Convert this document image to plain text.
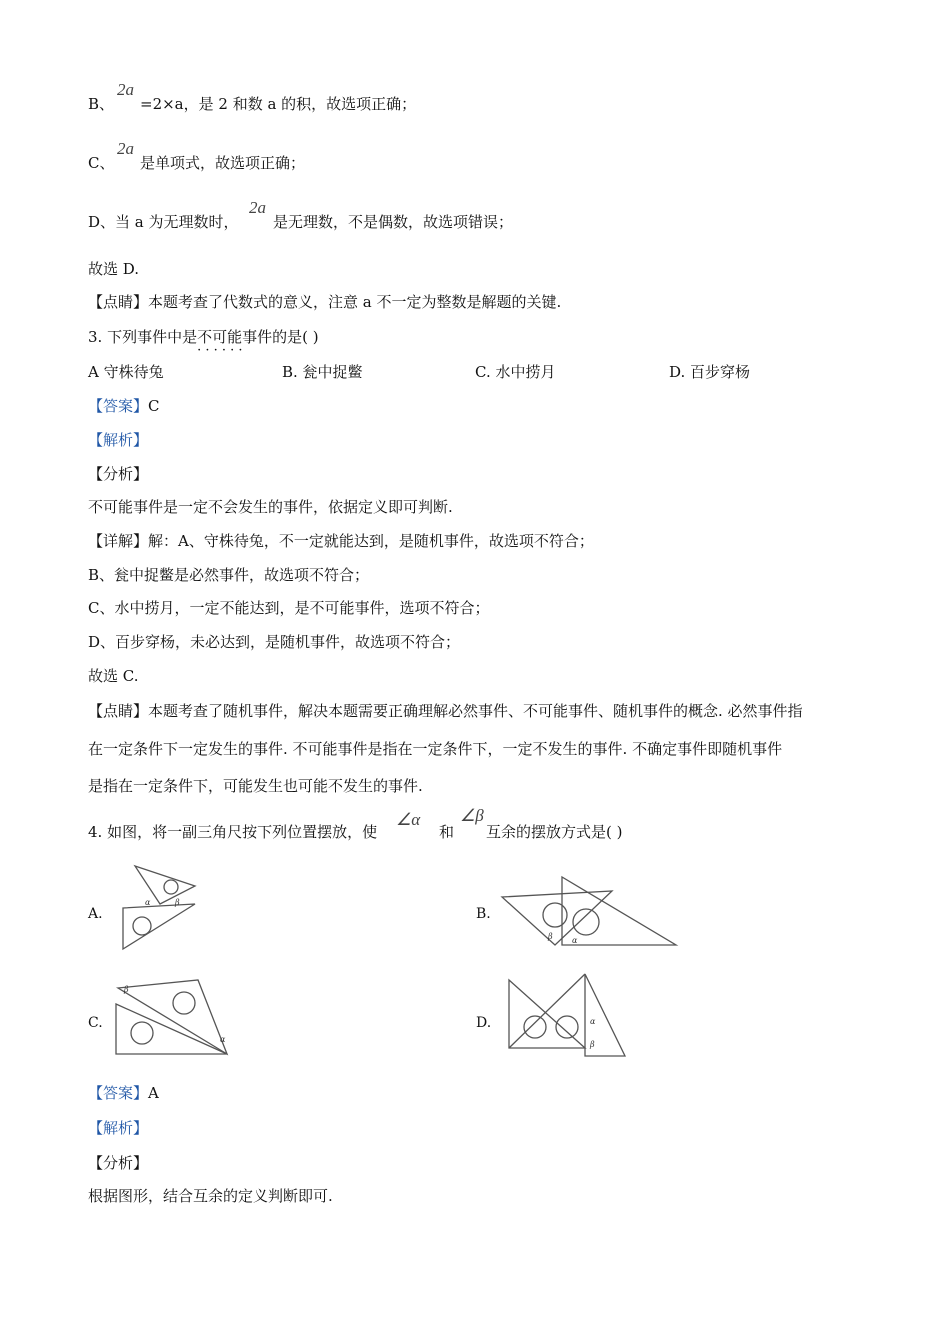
B、
2a
=2×a，是 2 和数 a 的积，故选项正确；
C、
2a
是单项式，故选项正确；
D、当 a 为无理数时，
2a
是无理数，不是偶数，故选项错误；
故选 D.
【点睛】本题考查了代数式的意义，注意 a 不一定为整数是解题的关键.
3. 下列事件中是不可能事件 · · 的是( )
A 守株待兔	B. 瓮中捉鳖	C. 水中捞月	D. 百步穿杨
【答案】C
【解析】
【分析】
不可能事件是一定不会发生的事件，依据定义即可判断.
【详解】解：A、守株待兔，不一定就能达到，是随机事件，故选项不符合；
B、瓮中捉鳖是必然事件，故选项不符合；
C、水中捞月，一定不能达到，是不可能事件，选项不符合；
D、百步穿杨，未必达到，是随机事件，故选项不符合；
故选 C.
【点睛】本题考查了随机事件，解决本题需要正确理解必然事件、不可能事件、随机事件的概念. 必然事件指
在一定条件下一定发生的事件. 不可能事件是指在一定条件下，一定不发生的事件. 不确定事件即随机事件
是指在一定条件下，可能发生也可能不发生的事件.
4. 如图，将一副三角尺按下列位置摆放，使
∠α
和
∠β
互余的摆放方式是( )
A.
α	β
B.
β α
C.
β
α
D.	α
β
【答案】A
【解析】
【分析】
根据图形，结合互余的定义判断即可.
